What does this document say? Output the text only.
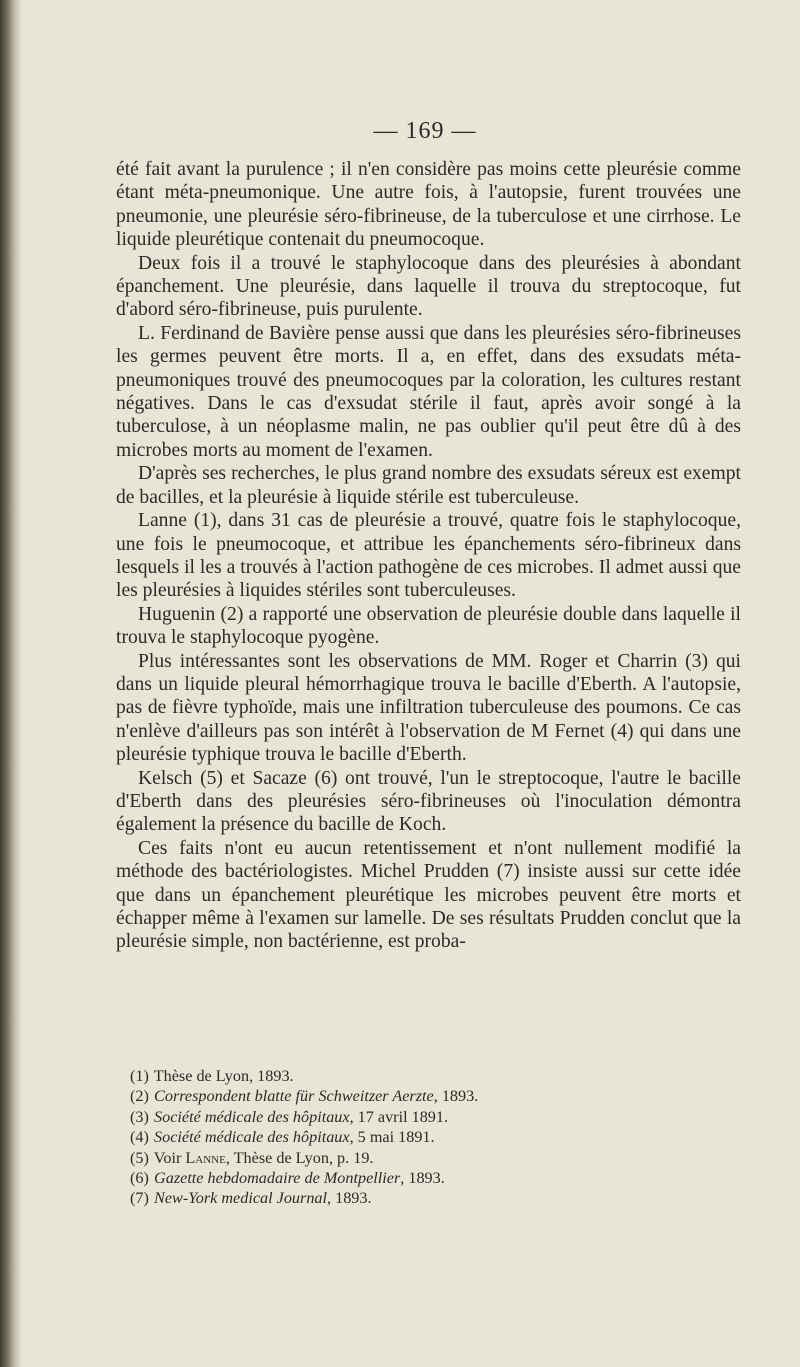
— 169 —

été fait avant la purulence ; il n'en considère pas moins cette pleurésie comme étant méta-pneumonique. Une autre fois, à l'autopsie, furent trouvées une pneumonie, une pleurésie séro-fibrineuse, de la tuberculose et une cirrhose. Le liquide pleurétique contenait du pneumocoque.

Deux fois il a trouvé le staphylocoque dans des pleurésies à abondant épanchement. Une pleurésie, dans laquelle il trouva du streptocoque, fut d'abord séro-fibrineuse, puis purulente.

L. Ferdinand de Bavière pense aussi que dans les pleurésies séro-fibrineuses les germes peuvent être morts. Il a, en effet, dans des exsudats méta-pneumoniques trouvé des pneumocoques par la coloration, les cultures restant négatives. Dans le cas d'exsudat stérile il faut, après avoir songé à la tuberculose, à un néoplasme malin, ne pas oublier qu'il peut être dû à des microbes morts au moment de l'examen.

D'après ses recherches, le plus grand nombre des exsudats séreux est exempt de bacilles, et la pleurésie à liquide stérile est tuberculeuse.

Lanne (1), dans 31 cas de pleurésie a trouvé, quatre fois le staphylocoque, une fois le pneumocoque, et attribue les épanchements séro-fibrineux dans lesquels il les a trouvés à l'action pathogène de ces microbes. Il admet aussi que les pleurésies à liquides stériles sont tuberculeuses.

Huguenin (2) a rapporté une observation de pleurésie double dans laquelle il trouva le staphylocoque pyogène.

Plus intéressantes sont les observations de MM. Roger et Charrin (3) qui dans un liquide pleural hémorrhagique trouva le bacille d'Eberth. A l'autopsie, pas de fièvre typhoïde, mais une infiltration tuberculeuse des poumons. Ce cas n'enlève d'ailleurs pas son intérêt à l'observation de M Fernet (4) qui dans une pleurésie typhique trouva le bacille d'Eberth.

Kelsch (5) et Sacaze (6) ont trouvé, l'un le streptocoque, l'autre le bacille d'Eberth dans des pleurésies séro-fibrineuses où l'inoculation démontra également la présence du bacille de Koch.

Ces faits n'ont eu aucun retentissement et n'ont nullement modifié la méthode des bactériologistes. Michel Prudden (7) insiste aussi sur cette idée que dans un épanchement pleurétique les microbes peuvent être morts et échapper même à l'examen sur lamelle. De ses résultats Prudden conclut que la pleurésie simple, non bactérienne, est proba-

(1) Thèse de Lyon, 1893.
(2) Correspondent blatte für Schweitzer Aerzte, 1893.
(3) Société médicale des hôpitaux, 17 avril 1891.
(4) Société médicale des hôpitaux, 5 mai 1891.
(5) Voir Lanne, Thèse de Lyon, p. 19.
(6) Gazette hebdomadaire de Montpellier, 1893.
(7) New-York medical Journal, 1893.
